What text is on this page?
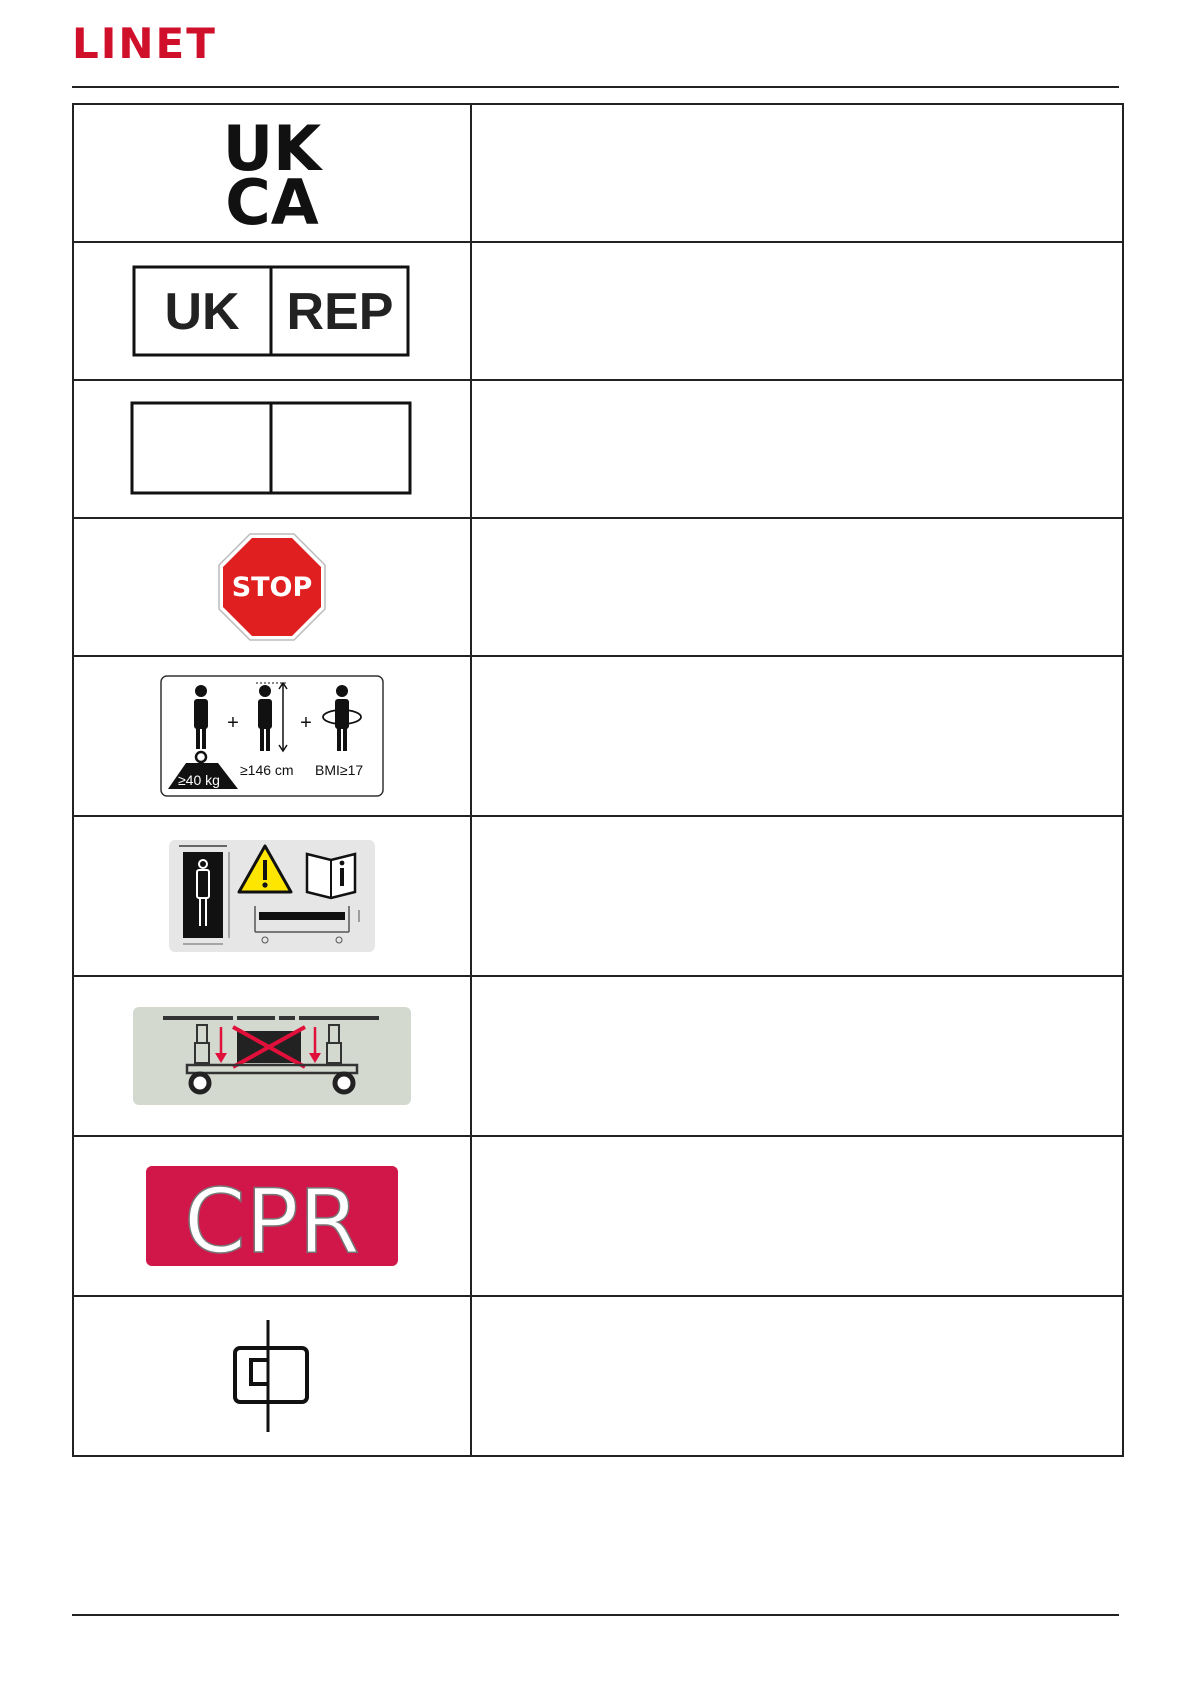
LINET
UK
CA	

UK REP	

STOP	

≥40 kg
+
≥146 cm
+
BMI≥17	

CPR	
